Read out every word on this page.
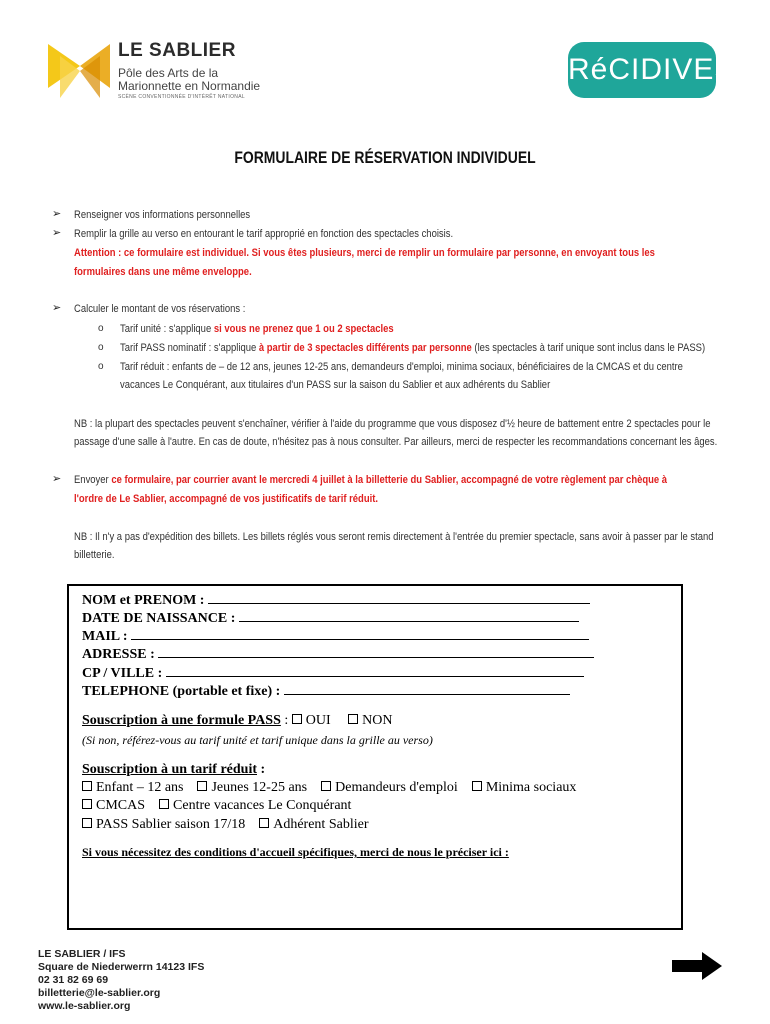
LE SABLIER
Pôle des Arts de la
Marionnette en Normandie
SCÈNE CONVENTIONNÉE D'INTÉRÊT NATIONAL
RéCIDIVES
FORMULAIRE DE RÉSERVATION INDIVIDUEL
➢ Renseigner vos informations personnelles
➢ Remplir la grille au verso en entourant le tarif approprié en fonction des spectacles choisis.
Attention : ce formulaire est individuel. Si vous êtes plusieurs, merci de remplir un formulaire par personne, en envoyant tous les
formulaires dans une même enveloppe.
➢ Calculer le montant de vos réservations :
o Tarif unité : s'applique si vous ne prenez que 1 ou 2 spectacles
o Tarif PASS nominatif : s'applique à partir de 3 spectacles différents par personne (les spectacles à tarif unique sont inclus dans le PASS)
o Tarif réduit : enfants de – de 12 ans, jeunes 12-25 ans, demandeurs d'emploi, minima sociaux, bénéficiaires de la CMCAS et du centre
vacances Le Conquérant, aux titulaires d'un PASS sur la saison du Sablier et aux adhérents du Sablier
NB : la plupart des spectacles peuvent s'enchaîner, vérifier à l'aide du programme que vous disposez d'½ heure de battement entre 2 spectacles pour le
passage d'une salle à l'autre. En cas de doute, n'hésitez pas à nous consulter. Par ailleurs, merci de respecter les recommandations concernant les âges.
➢ Envoyer ce formulaire, par courrier avant le mercredi 4 juillet à la billetterie du Sablier, accompagné de votre règlement par chèque à
l'ordre de Le Sablier, accompagné de vos justificatifs de tarif réduit.
NB : Il n'y a pas d'expédition des billets. Les billets réglés vous seront remis directement à l'entrée du premier spectacle, sans avoir à passer par le stand
billetterie.
NOM et PRENOM :
DATE DE NAISSANCE :
MAIL :
ADRESSE :
CP / VILLE :
TELEPHONE (portable et fixe) :
Souscription à une formule PASS : OUI NON
(Si non, référez-vous au tarif unité et tarif unique dans la grille au verso)
Souscription à un tarif réduit :
Enfant – 12 ans Jeunes 12-25 ans Demandeurs d'emploi Minima sociaux
CMCAS Centre vacances Le Conquérant
PASS Sablier saison 17/18 Adhérent Sablier
Si vous nécessitez des conditions d'accueil spécifiques, merci de nous le préciser ici :
LE SABLIER / IFS
Square de Niederwerrn 14123 IFS
02 31 82 69 69
billetterie@le-sablier.org
www.le-sablier.org
